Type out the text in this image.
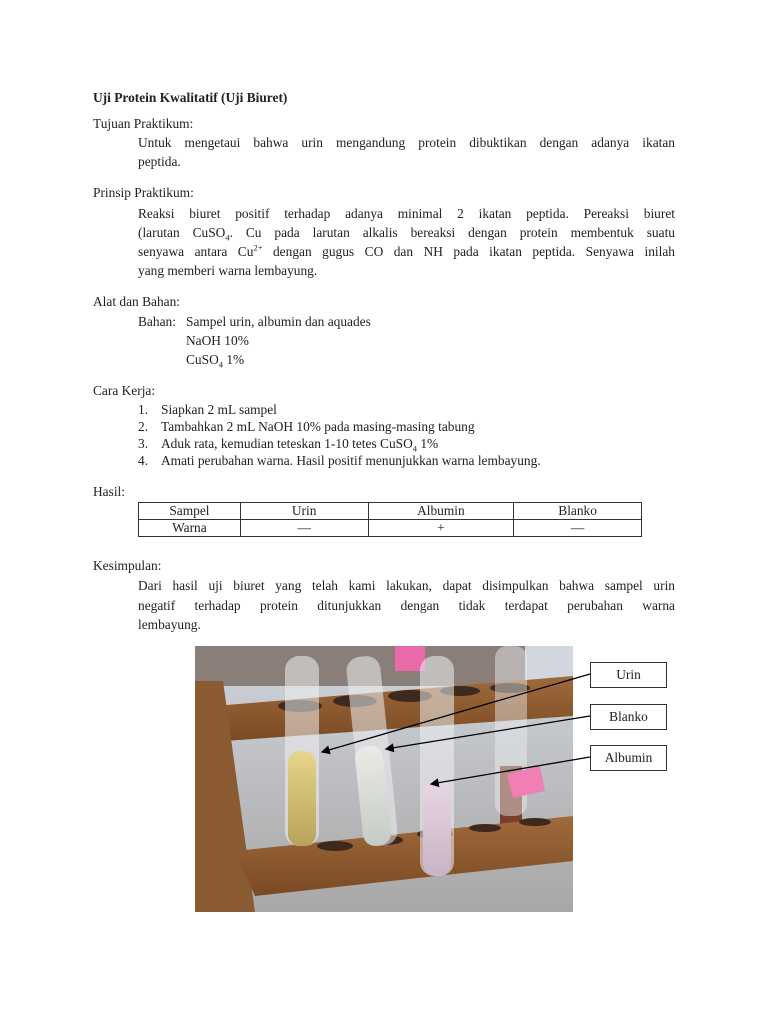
Uji Protein Kwalitatif (Uji Biuret)
Tujuan Praktikum:
Untuk mengetaui bahwa urin mengandung protein dibuktikan dengan adanya ikatan
peptida.
Prinsip Praktikum:
Reaksi biuret positif terhadap adanya minimal 2 ikatan peptida. Pereaksi biuret
(larutan CuSO$_4$. Cu pada larutan alkalis bereaksi dengan protein membentuk suatu
senyawa antara $Cu^{2+}$ dengan gugus CO dan NH pada ikatan peptida. Senyawa inilah
yang memberi warna lembayung.
Alat dan Bahan:
Bahan: Sampel urin, albumin dan aquades
NaOH 10%
CuSO$_4$ 1%
Cara Kerja:
1. Siapkan 2 mL sampel
2. Tambahkan 2 mL NaOH 10% pada masing-masing tabung
3. Aduk rata, kemudian teteskan 1-10 tetes CuSO$_4$ 1%
4. Amati perubahan warna. Hasil positif menunjukkan warna lembayung.
Hasil:
Sampel	Urin	Albumin	Blanko
Warna	—	+	—
Kesimpulan:
Dari hasil uji biuret yang telah kami lakukan, dapat disimpulkan bahwa sampel urin
negatif terhadap protein ditunjukkan dengan tidak terdapat perubahan warna
lembayung.
Urin
Blanko
Albumin
